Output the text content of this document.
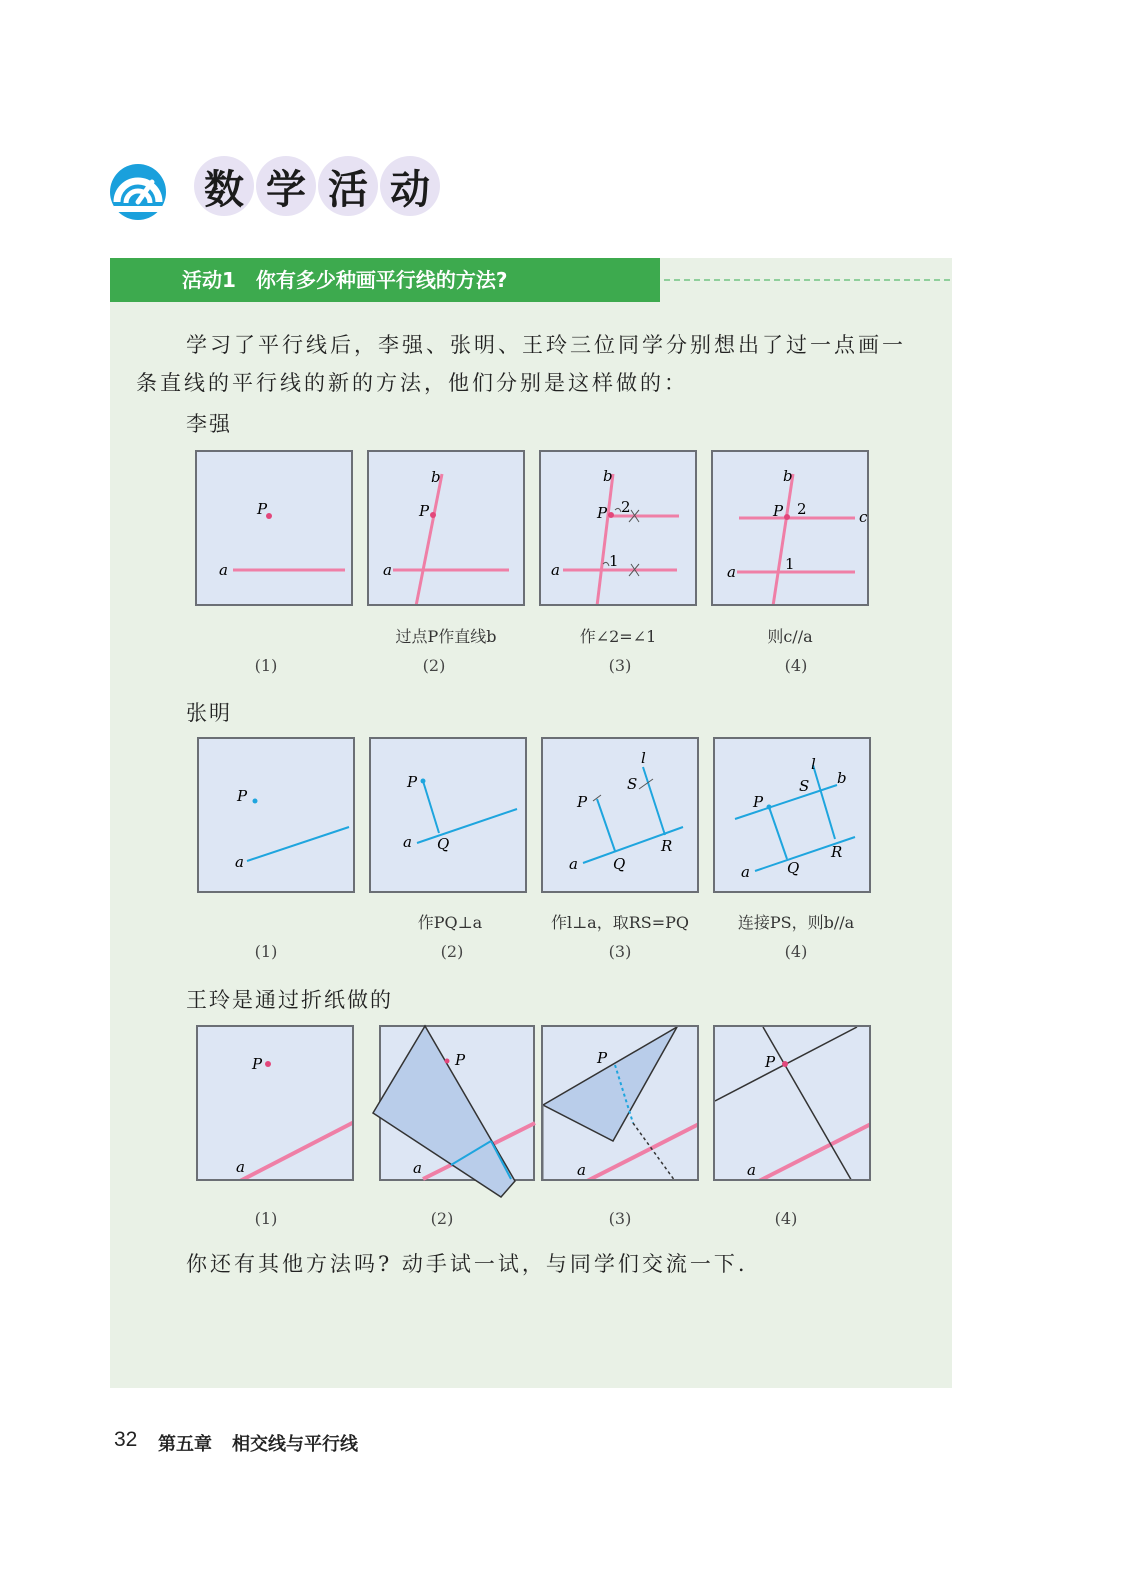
数 学 活 动
活动1　你有多少种画平行线的方法?
学习了平行线后，李强、张明、王玲三位同学分别想出了过一点画一
条直线的平行线的新的方法，他们分别是这样做的：
李强
P
a
P
b
a
P
b
2
1
a
P
b
c
2
1
a
过点P作直线b	作∠2=∠1	则c//a
(1)	(2)	(3)	(4)
张明
P
a
P
a Q
P
l
S
R
a Q
P
l
S b
R
a Q
作PQ⊥a	作l⊥a，取RS=PQ	连接PS，则b//a
(1)	(2)	(3)	(4)
王玲是通过折纸做的
P
a
P
a
P
a
P
a
(1)	(2)	(3)	(4)
你还有其他方法吗? 动手试一试，与同学们交流一下.
32 第五章 相交线与平行线
